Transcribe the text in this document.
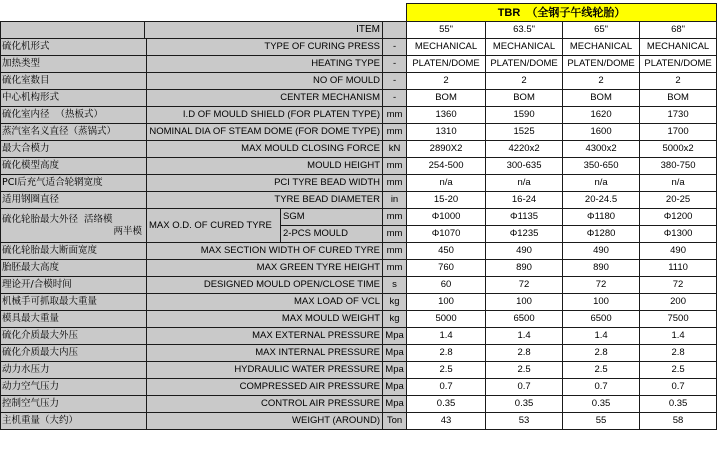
					TBR  （全钢子午线轮胎）			
	ITEM				55"	63.5"	65"	68"
硫化机形式		TYPE OF CURING PRESS		-	MECHANICAL	MECHANICAL	MECHANICAL	MECHANICAL
加热类型		HEATING TYPE		-	PLATEN/DOME	PLATEN/DOME	PLATEN/DOME	PLATEN/DOME
硫化室数目		NO OF MOULD		-	2	2	2	2
中心机构形式		CENTER MECHANISM		-	BOM	BOM	BOM	BOM
硫化室内径  （热板式）		I.D OF MOULD SHIELD (FOR PLATEN TYPE)		mm	1360	1590	1620	1730
蒸汽室名义直径（蒸锅式）		NOMINAL DIA OF STEAM DOME (FOR DOME TYPE)		mm	1310	1525	1600	1700
最大合模力		MAX MOULD CLOSING FORCE		kN	2890X2	4220x2	4300x2	5000x2
硫化模型高度		MOULD HEIGHT		mm	254-500	300-635	350-650	380-750
PCI后充气适合轮辋宽度		PCI TYRE BEAD WIDTH		mm	n/a	n/a	n/a	n/a
适用钢圈直径		TYRE BEAD DIAMETER		in	15-20	16-24	20-24.5	20-25
硫化轮胎最大外径  活络模
两半模		MAX O.D. OF CURED TYRE	SGM	mm	Φ1000	Φ1135	Φ1180	Φ1200
			2-PCS MOULD	mm	Φ1070	Φ1235	Φ1280	Φ1300
硫化轮胎最大断面宽度		MAX SECTION WIDTH OF CURED TYRE		mm	450	490	490	490
胎胚最大高度		MAX GREEN TYRE HEIGHT		mm	760	890	890	1110
理论开/合模时间		DESIGNED MOULD OPEN/CLOSE TIME		s	60	72	72	72
机械手可抓取最大重量		MAX LOAD OF VCL		kg	100	100	100	200
模具最大重量		MAX MOULD WEIGHT		kg	5000	6500	6500	7500
硫化介质最大外压		MAX EXTERNAL PRESSURE		Mpa	1.4	1.4	1.4	1.4
硫化介质最大内压		MAX INTERNAL PRESSURE		Mpa	2.8	2.8	2.8	2.8
动力水压力		HYDRAULIC WATER PRESSURE		Mpa	2.5	2.5	2.5	2.5
动力空气压力		COMPRESSED AIR PRESSURE		Mpa	0.7	0.7	0.7	0.7
控制空气压力		CONTROL AIR PRESSURE		Mpa	0.35	0.35	0.35	0.35
主机重量（大约）		WEIGHT (AROUND)		Ton	43	53	55	58
